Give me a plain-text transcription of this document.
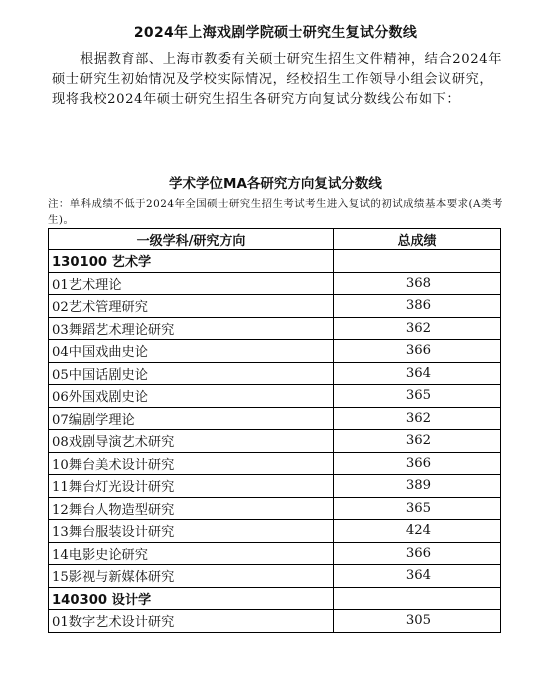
2024年上海戏剧学院硕士研究生复试分数线

根据教育部、上海市教委有关硕士研究生招生文件精神，结合2024年硕士研究生初始情况及学校实际情况，经校招生工作领导小组会议研究，现将我校2024年硕士研究生招生各研究方向复试分数线公布如下：

学术学位MA各研究方向复试分数线

注：单科成绩不低于2024年全国硕士研究生招生考试考生进入复试的初试成绩基本要求(A类考生)。

一级学科/研究方向	总成绩
130100 艺术学	
01艺术理论	368
02艺术管理研究	386
03舞蹈艺术理论研究	362
04中国戏曲史论	366
05中国话剧史论	364
06外国戏剧史论	365
07编剧学理论	362
08戏剧导演艺术研究	362
10舞台美术设计研究	366
11舞台灯光设计研究	389
12舞台人物造型研究	365
13舞台服装设计研究	424
14电影史论研究	366
15影视与新媒体研究	364
140300 设计学	
01数字艺术设计研究	305
